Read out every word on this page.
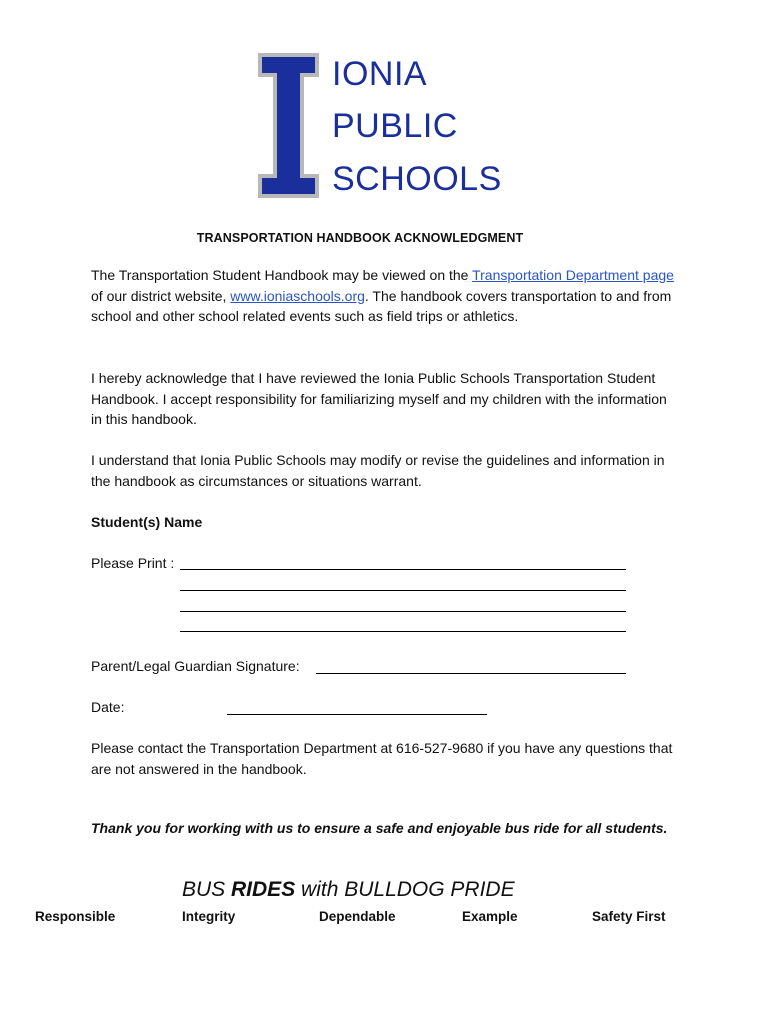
IONIA
PUBLIC
SCHOOLS
TRANSPORTATION HANDBOOK ACKNOWLEDGMENT
The Transportation Student Handbook may be viewed on the Transportation Department page of our district website, www.ioniaschools.org. The handbook covers transportation to and from school and other school related events such as field trips or athletics.
I hereby acknowledge that I have reviewed the Ionia Public Schools Transportation Student Handbook. I accept responsibility for familiarizing myself and my children with the information in this handbook.
I understand that Ionia Public Schools may modify or revise the guidelines and information in the handbook as circumstances or situations warrant.
Student(s) Name
Please Print :
Parent/Legal Guardian Signature:
Date:
Please contact the Transportation Department at 616-527-9680 if you have any questions that are not answered in the handbook.
Thank you for working with us to ensure a safe and enjoyable bus ride for all students.
BUS RIDES with BULLDOG PRIDE
Responsible	Integrity	Dependable	Example	Safety First
